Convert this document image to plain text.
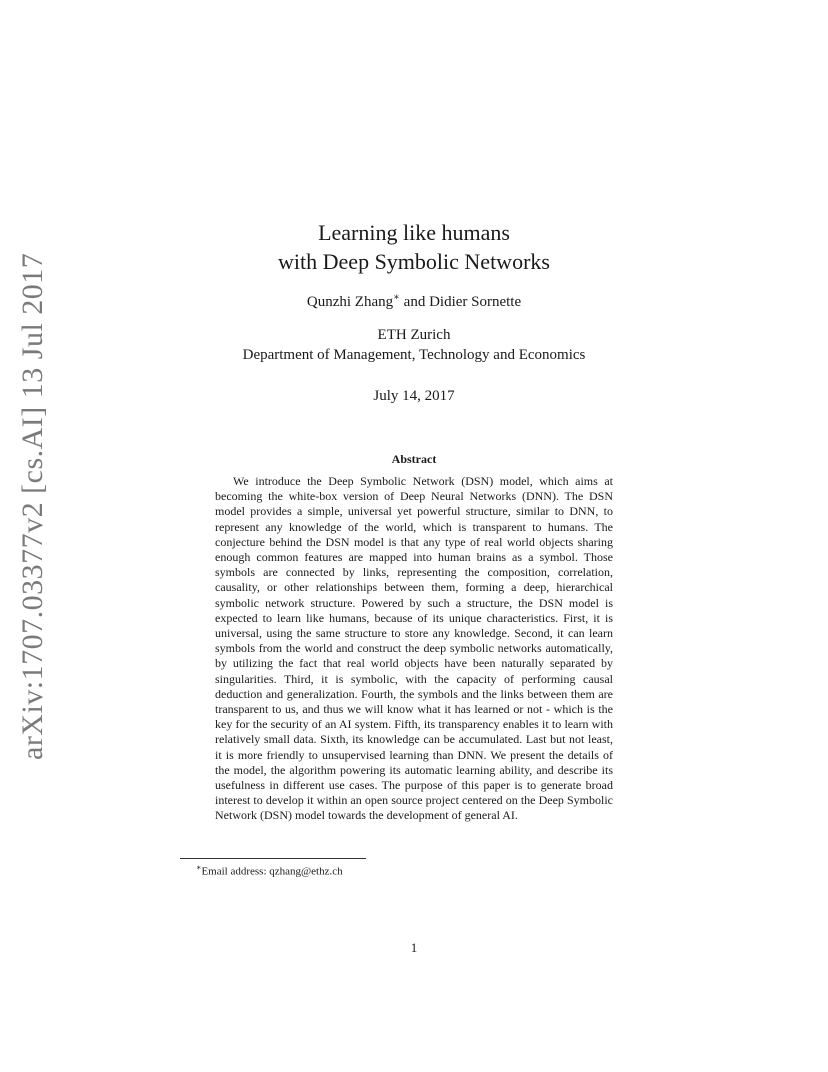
arXiv:1707.03377v2 [cs.AI] 13 Jul 2017
Learning like humans
with Deep Symbolic Networks
Qunzhi Zhang∗ and Didier Sornette
ETH Zurich
Department of Management, Technology and Economics
July 14, 2017
Abstract
We introduce the Deep Symbolic Network (DSN) model, which aims at becoming the white-box version of Deep Neural Networks (DNN). The DSN model provides a simple, universal yet powerful structure, similar to DNN, to represent any knowledge of the world, which is transparent to humans. The conjecture behind the DSN model is that any type of real world objects sharing enough common features are mapped into human brains as a symbol. Those symbols are connected by links, representing the composition, correlation, causality, or other relationships between them, forming a deep, hierarchical symbolic network structure. Powered by such a structure, the DSN model is expected to learn like humans, because of its unique characteristics. First, it is universal, using the same structure to store any knowledge. Second, it can learn symbols from the world and construct the deep symbolic networks automatically, by utilizing the fact that real world objects have been naturally separated by singularities. Third, it is symbolic, with the capacity of performing causal deduction and generalization. Fourth, the symbols and the links between them are transparent to us, and thus we will know what it has learned or not - which is the key for the security of an AI system. Fifth, its transparency enables it to learn with relatively small data. Sixth, its knowledge can be accumulated. Last but not least, it is more friendly to unsupervised learning than DNN. We present the details of the model, the algorithm powering its automatic learning ability, and describe its usefulness in different use cases. The purpose of this paper is to generate broad interest to develop it within an open source project centered on the Deep Symbolic Network (DSN) model towards the development of general AI.
∗Email address: qzhang@ethz.ch
1
